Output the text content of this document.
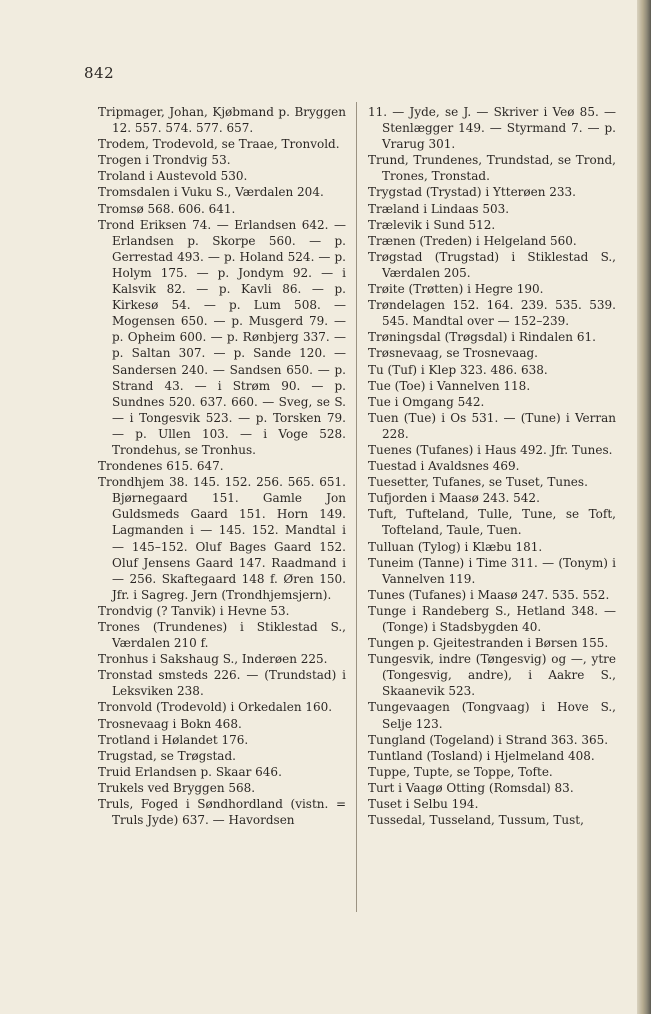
842

Tripmager, Johan, Kjøbmand p. Bryggen 12. 557. 574. 577. 657.

Trodem, Trodevold, se Traae, Tronvold.

Trogen i Trondvig 53.

Troland i Austevold 530.

Tromsdalen i Vuku S., Værdalen 204.

Tromsø 568. 606. 641.

Trond Eriksen 74. — Erlandsen 642. — Erlandsen p. Skorpe 560. — p. Gerrestad 493. — p. Holand 524. — p. Holym 175. — p. Jondym 92. — i Kalsvik 82. — p. Kavli 86. — p. Kirkesø 54. — p. Lum 508. — Mogensen 650. — p. Musgerd 79. — p. Opheim 600. — p. Rønbjerg 337. — p. Saltan 307. — p. Sande 120. — Sandersen 240. — Sandsen 650. — p. Strand 43. — i Strøm 90. — p. Sundnes 520. 637. 660. — Sveg, se S. — i Tongesvik 523. — p. Torsken 79. — p. Ullen 103. — i Voge 528. Trondehus, se Tronhus.

Trondenes 615. 647.

Trondhjem 38. 145. 152. 256. 565. 651. Bjørnegaard 151. Gamle Jon Guldsmeds Gaard 151. Horn 149. Lagmanden i — 145. 152. Mandtal i — 145–152. Oluf Bages Gaard 152. Oluf Jensens Gaard 147. Raadmand i — 256. Skaftegaard 148 f. Øren 150. Jfr. i Sagreg. Jern (Trondhjemsjern).

Trondvig (? Tanvik) i Hevne 53.

Trones (Trundenes) i Stiklestad S., Værdalen 210 f.

Tronhus i Sakshaug S., Inderøen 225.

Tronstad smsteds 226. — (Trundstad) i Leksviken 238.

Tronvold (Trodevold) i Orkedalen 160.

Trosnevaag i Bokn 468.

Trotland i Hølandet 176.

Trugstad, se Trøgstad.

Truid Erlandsen p. Skaar 646.

Trukels ved Bryggen 568.

Truls, Foged i Søndhordland (vistn. = Truls Jyde) 637. — Havordsen

11. — Jyde, se J. — Skriver i Veø 85. — Stenlægger 149. — Styrmand 7. — p. Vrarug 301.

Trund, Trundenes, Trundstad, se Trond, Trones, Tronstad.

Trygstad (Trystad) i Ytterøen 233.

Træland i Lindaas 503.

Trælevik i Sund 512.

Trænen (Treden) i Helgeland 560.

Trøgstad (Trugstad) i Stiklestad S., Værdalen 205.

Trøite (Trøtten) i Hegre 190.

Trøndelagen 152. 164. 239. 535. 539. 545. Mandtal over — 152–239.

Trøningsdal (Trøgsdal) i Rindalen 61.

Trøsnevaag, se Trosnevaag.

Tu (Tuf) i Klep 323. 486. 638.

Tue (Toe) i Vannelven 118.

Tue i Omgang 542.

Tuen (Tue) i Os 531. — (Tune) i Verran 228.

Tuenes (Tufanes) i Haus 492. Jfr. Tunes.

Tuestad i Avaldsnes 469.

Tuesetter, Tufanes, se Tuset, Tunes.

Tufjorden i Maasø 243. 542.

Tuft, Tufteland, Tulle, Tune, se Toft, Tofteland, Taule, Tuen.

Tulluan (Tylog) i Klæbu 181.

Tuneim (Tanne) i Time 311. — (Tonym) i Vannelven 119.

Tunes (Tufanes) i Maasø 247. 535. 552.

Tunge i Randeberg S., Hetland 348. — (Tonge) i Stadsbygden 40.

Tungen p. Gjeitestranden i Børsen 155.

Tungesvik, indre (Tøngesvig) og —, ytre (Tongesvig, andre), i Aakre S., Skaanevik 523.

Tungevaagen (Tongvaag) i Hove S., Selje 123.

Tungland (Togeland) i Strand 363. 365.

Tuntland (Tosland) i Hjelmeland 408.

Tuppe, Tupte, se Toppe, Tofte.

Turt i Vaagø Otting (Romsdal) 83.

Tuset i Selbu 194.

Tussedal, Tusseland, Tussum, Tust,
